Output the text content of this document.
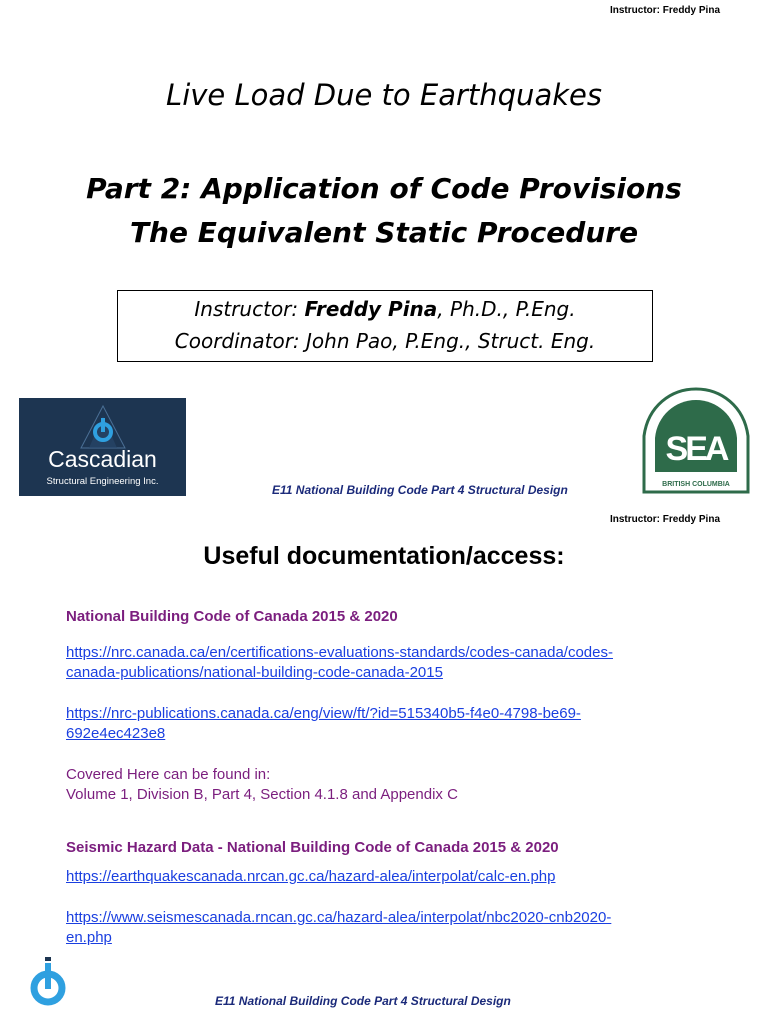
Instructor: Freddy Pina
Live Load Due to Earthquakes
Part 2: Application of Code Provisions
The Equivalent Static Procedure
Instructor: Freddy Pina, Ph.D., P.Eng.
Coordinator: John Pao, P.Eng., Struct. Eng.
Cascadian
Structural Engineering Inc.
E11 National Building Code Part 4 Structural Design
SEA
BRITISH COLUMBIA
Instructor: Freddy Pina
Useful documentation/access:
National Building Code of Canada 2015 & 2020
https://nrc.canada.ca/en/certifications-evaluations-standards/codes-canada/codes-
canada-publications/national-building-code-canada-2015
https://nrc-publications.canada.ca/eng/view/ft/?id=515340b5-f4e0-4798-be69-
692e4ec423e8
Covered Here can be found in:
Volume 1, Division B, Part 4, Section 4.1.8 and Appendix C
Seismic Hazard Data - National Building Code of Canada 2015 & 2020
https://earthquakescanada.nrcan.gc.ca/hazard-alea/interpolat/calc-en.php
https://www.seismescanada.rncan.gc.ca/hazard-alea/interpolat/nbc2020-cnb2020-
en.php
E11 National Building Code Part 4 Structural Design
